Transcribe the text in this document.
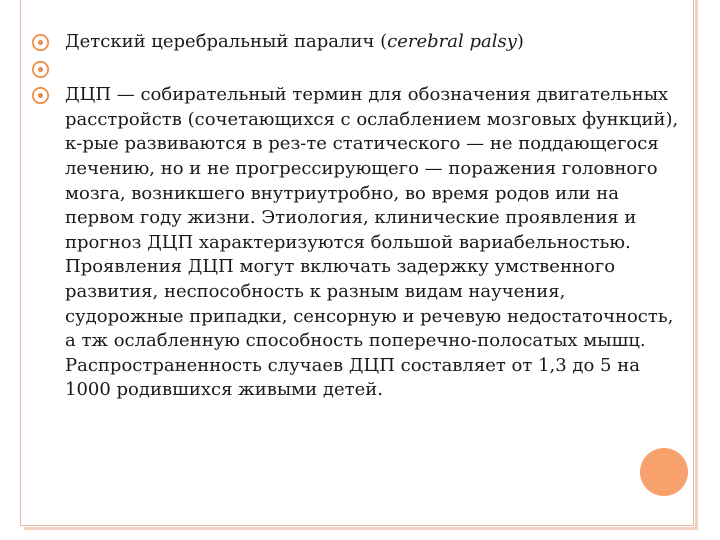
Детский церебральный паралич (cerebral palsy)
ДЦП — собирательный термин для обозначения двигательных расстройств (сочетающихся с ослаблением мозговых функций), к-рые развиваются в рез-те статического — не поддающегося лечению, но и не прогрессирующего — поражения головного мозга, возникшего внутриутробно, во время родов или на первом году жизни. Этиология, клинические проявления и прогноз ДЦП характеризуются большой вариабельностью. Проявления ДЦП могут включать задержку умственного развития, неспособность к разным видам научения, судорожные припадки, сенсорную и речевую недостаточность, а тж ослабленную способность поперечно-полосатых мышц. Распространенность случаев ДЦП составляет от 1,3 до 5 на 1000 родившихся живыми детей.
